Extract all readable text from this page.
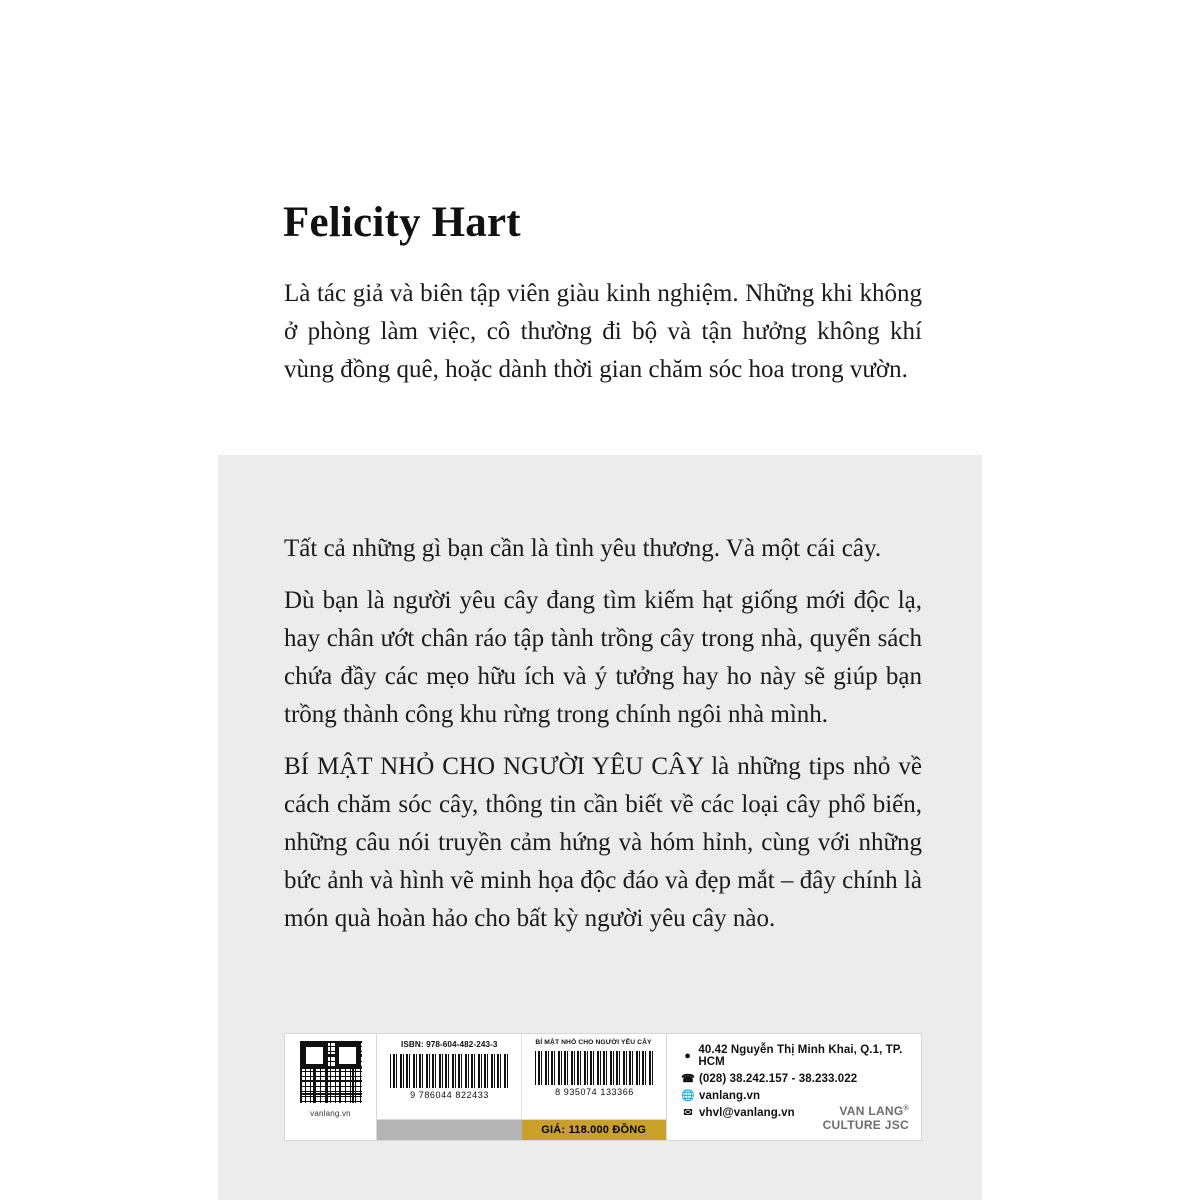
Felicity Hart
Là tác giả và biên tập viên giàu kinh nghiệm. Những khi không ở phòng làm việc, cô thường đi bộ và tận hưởng không khí vùng đồng quê, hoặc dành thời gian chăm sóc hoa trong vườn.

Tất cả những gì bạn cần là tình yêu thương. Và một cái cây.

Dù bạn là người yêu cây đang tìm kiếm hạt giống mới độc lạ, hay chân ướt chân ráo tập tành trồng cây trong nhà, quyển sách chứa đầy các mẹo hữu ích và ý tưởng hay ho này sẽ giúp bạn trồng thành công khu rừng trong chính ngôi nhà mình.

BÍ MẬT NHỎ CHO NGƯỜI YÊU CÂY là những tips nhỏ về cách chăm sóc cây, thông tin cần biết về các loại cây phổ biến, những câu nói truyền cảm hứng và hóm hỉnh, cùng với những bức ảnh và hình vẽ minh họa độc đáo và đẹp mắt – đây chính là món quà hoàn hảo cho bất kỳ người yêu cây nào.

vanlang.vn
ISBN: 978-604-482-243-3
9 786044 822433
BÍ MẬT NHỎ CHO NGƯỜI YÊU CÂY
8 935074 133366
GIÁ: 118.000 ĐỒNG
● 40.42 Nguyễn Thị Minh Khai, Q.1, TP. HCM
☎ (028) 38.242.157 - 38.233.022
🌐 vanlang.vn
✉ vhvl@vanlang.vn	VAN LANG®
CULTURE JSC
